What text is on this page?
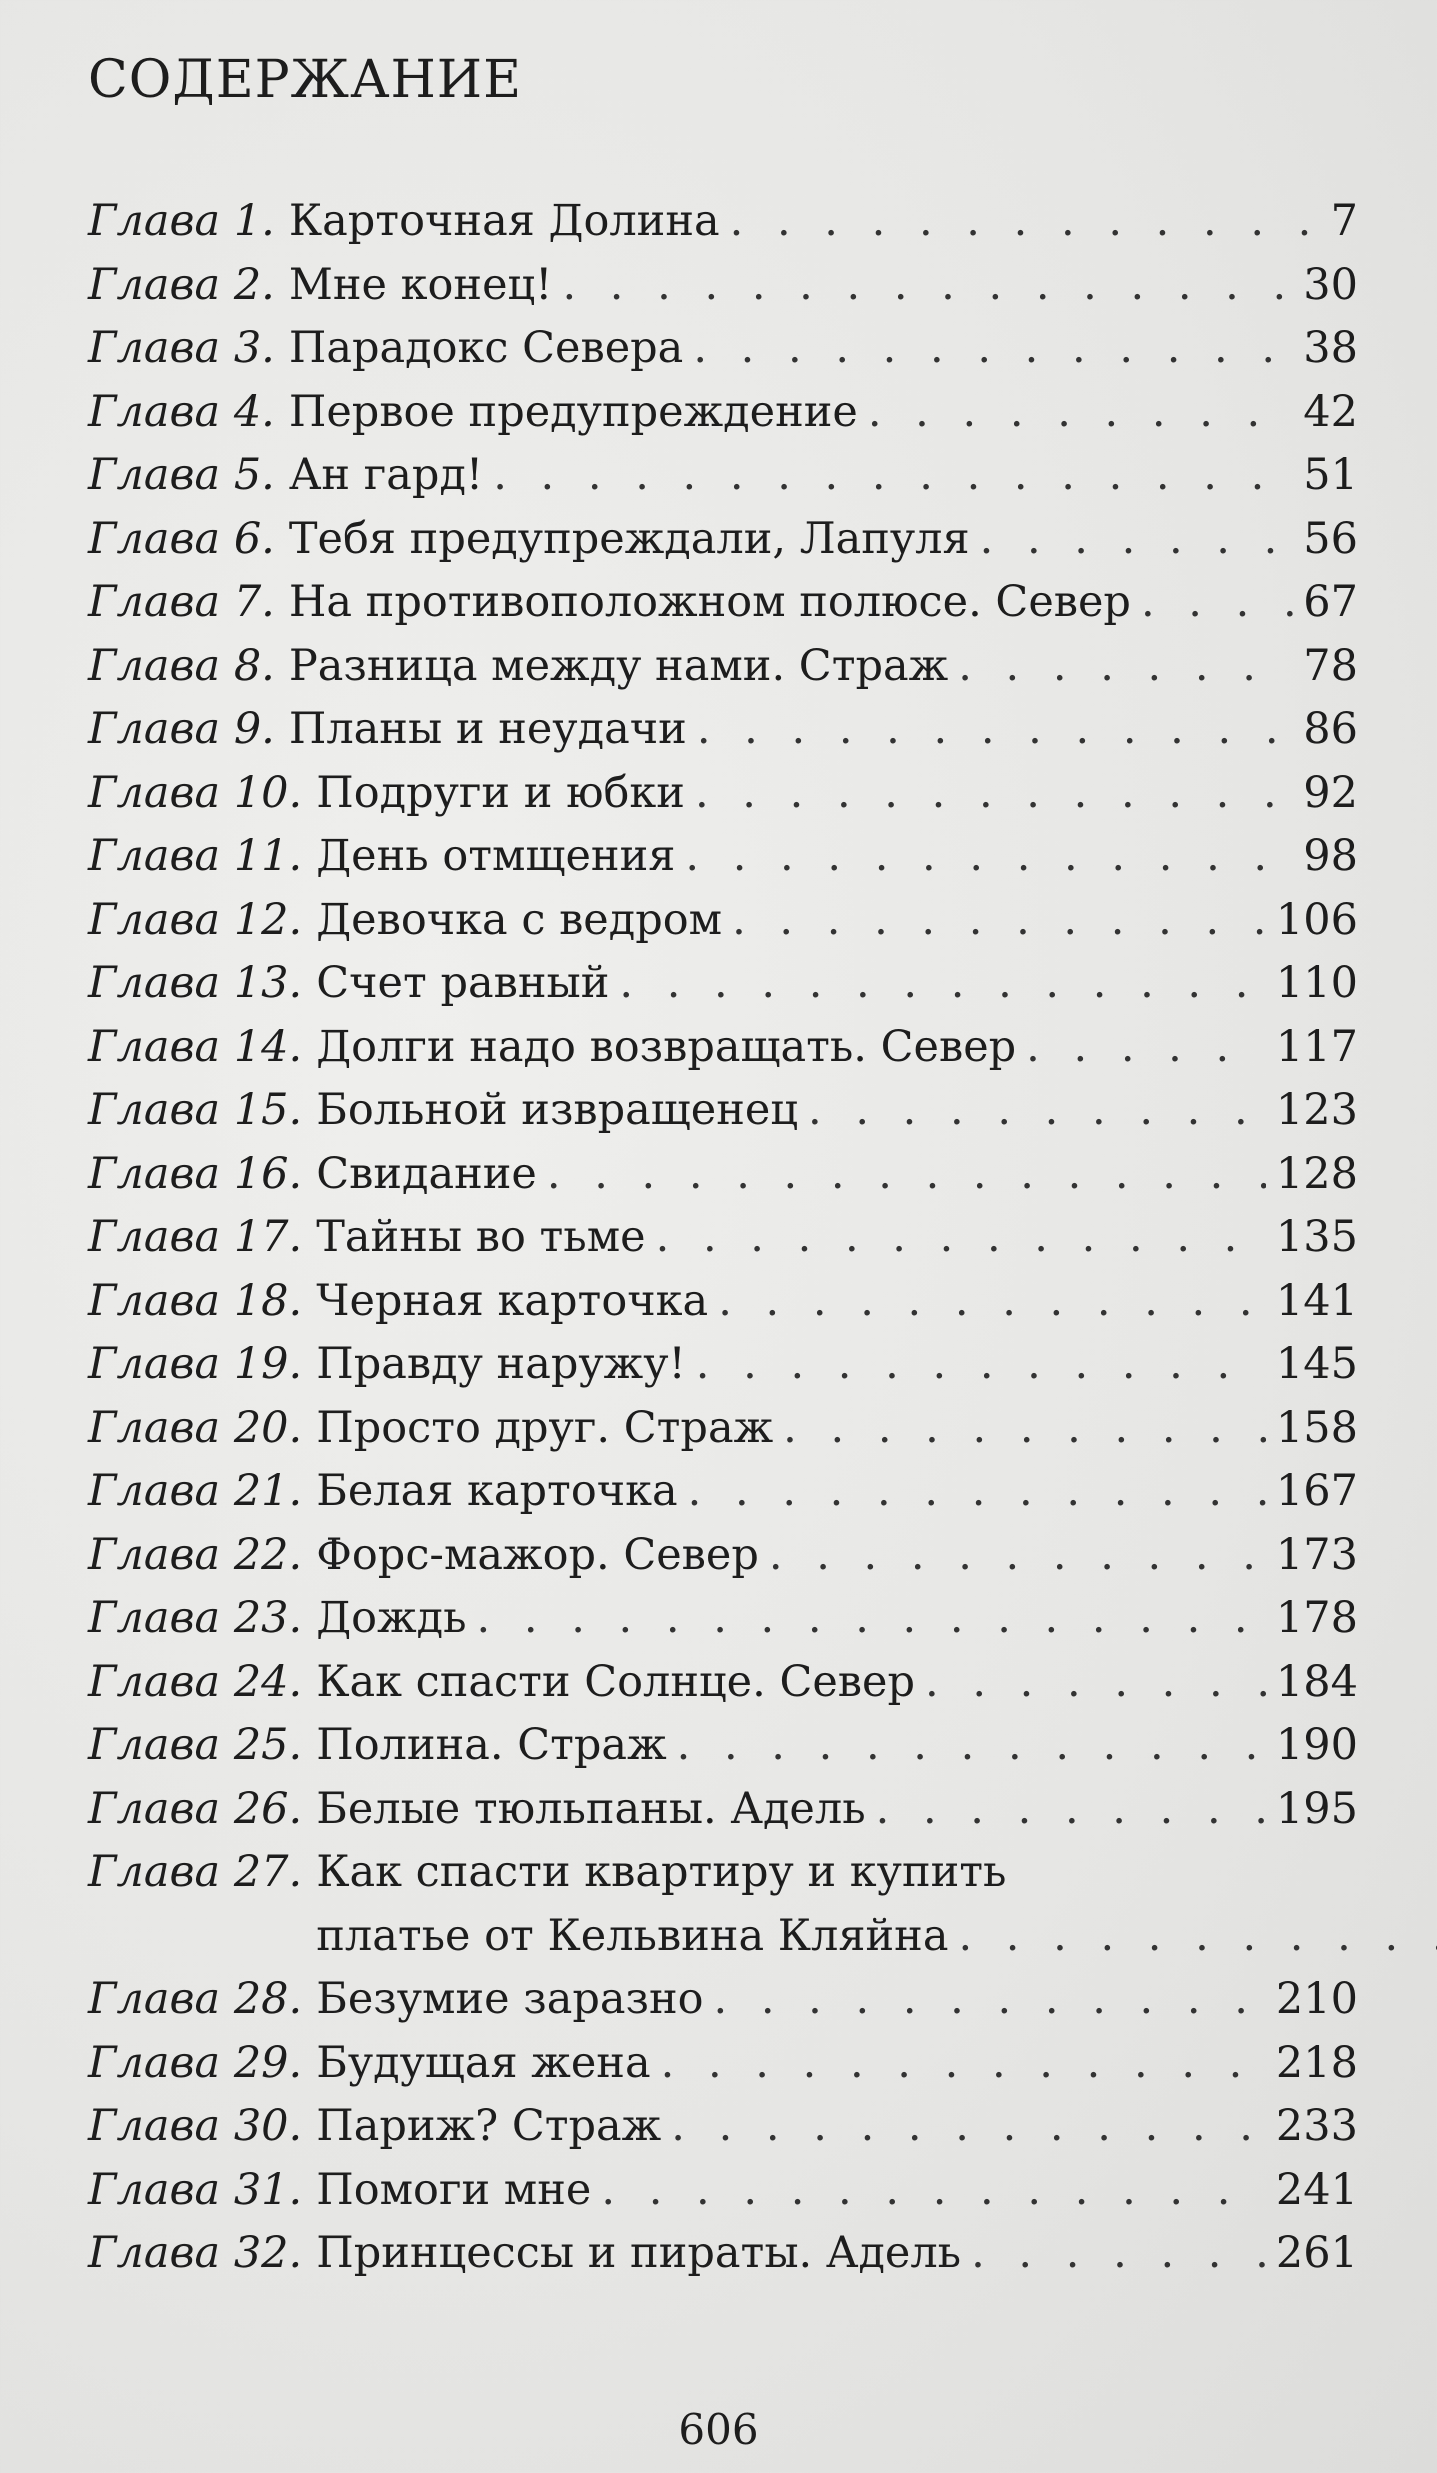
СОДЕРЖАНИЕ
Глава 1. Карточная Долина . . .	7
Глава 2. Мне конец! . . .	30
Глава 3. Парадокс Севера . . .	38
Глава 4. Первое предупреждение . . .	42
Глава 5. Ан гард! . . .	51
Глава 6. Тебя предупреждали, Лапуля . . .	56
Глава 7. На противоположном полюсе. Север . . .	67
Глава 8. Разница между нами. Страж . . .	78
Глава 9. Планы и неудачи . . .	86
Глава 10. Подруги и юбки . . .	92
Глава 11. День отмщения . . .	98
Глава 12. Девочка с ведром . . .	106
Глава 13. Счет равный . . .	110
Глава 14. Долги надо возвращать. Север . . .	117
Глава 15. Больной извращенец . . .	123
Глава 16. Свидание . . .	128
Глава 17. Тайны во тьме . . .	135
Глава 18. Черная карточка . . .	141
Глава 19. Правду наружу! . . .	145
Глава 20. Просто друг. Страж . . .	158
Глава 21. Белая карточка . . .	167
Глава 22. Форс-мажор. Север . . .	173
Глава 23. Дождь . . .	178
Глава 24. Как спасти Солнце. Север . . .	184
Глава 25. Полина. Страж . . .	190
Глава 26. Белые тюльпаны. Адель . . .	195
Глава 27. Как спасти квартиру и купить
платье от Кельвина Кляйна
. . .
Глава 28. Безумие заразно . . .	210
Глава 29. Будущая жена . . .	218
Глава 30. Париж? Страж . . .	233
Глава 31. Помоги мне . . .	241
Глава 32. Принцессы и пираты. Адель . . .	261
606
